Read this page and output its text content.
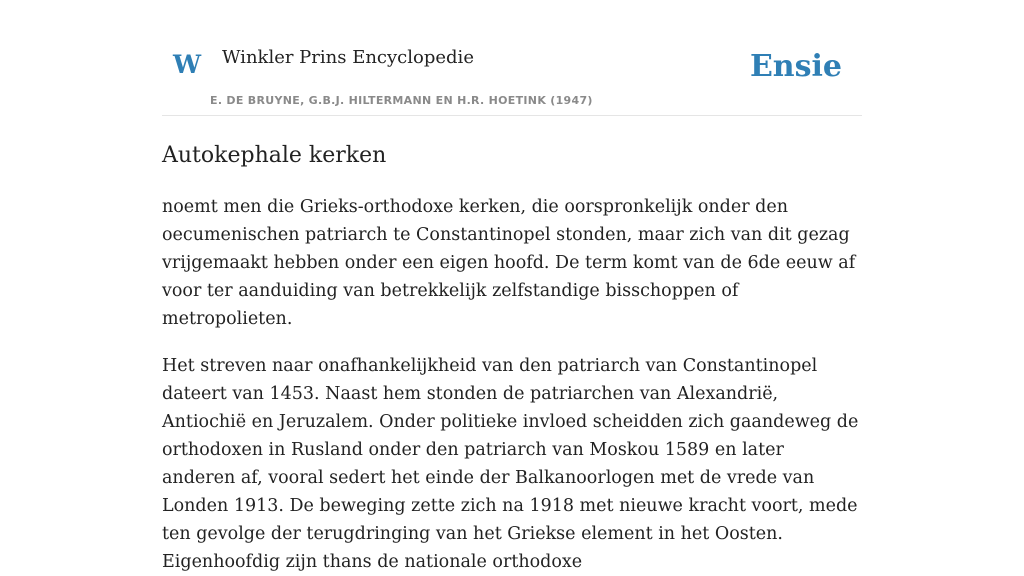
W Winkler Prins Encyclopedie
E. DE BRUYNE, G.B.J. HILTERMANN EN H.R. HOETINK (1947)
Ensie
Autokephale kerken

noemt men die Grieks-orthodoxe kerken, die oorspronkelijk onder den oecumenischen patriarch te Constantinopel stonden, maar zich van dit gezag vrijgemaakt hebben onder een eigen hoofd. De term komt van de 6de eeuw af voor ter aanduiding van betrekkelijk zelfstandige bisschoppen of metropolieten.

Het streven naar onafhankelijkheid van den patriarch van Constantinopel dateert van 1453. Naast hem stonden de patriarchen van Alexandrië, Antiochië en Jeruzalem. Onder politieke invloed scheidden zich gaandeweg de orthodoxen in Rusland onder den patriarch van Moskou 1589 en later anderen af, vooral sedert het einde der Balkanoorlogen met de vrede van Londen 1913. De beweging zette zich na 1918 met nieuwe kracht voort, mede ten gevolge der terugdringing van het Griekse element in het Oosten. Eigenhoofdig zijn thans de nationale orthodoxe
